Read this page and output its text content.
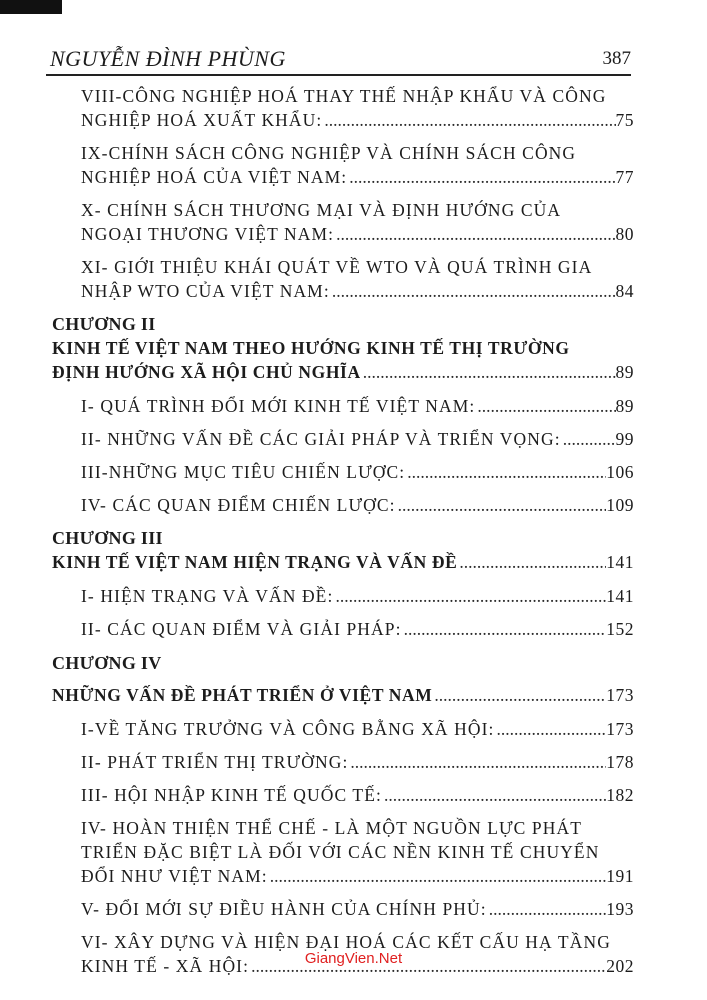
NGUYỄN ĐÌNH PHÙNG	387
VIII-CÔNG NGHIỆP HOÁ THAY THẾ NHẬP KHẨU VÀ CÔNG
NGHIỆP HOÁ XUẤT KHẨU: .....	75
IX-CHÍNH SÁCH CÔNG NGHIỆP VÀ CHÍNH SÁCH CÔNG
NGHIỆP HOÁ CỦA VIỆT NAM: .....	77
X- CHÍNH SÁCH THƯƠNG MẠI VÀ ĐỊNH HƯỚNG CỦA
NGOẠI THƯƠNG VIỆT NAM: .....	80
XI- GIỚI THIỆU KHÁI QUÁT VỀ WTO VÀ QUÁ TRÌNH GIA
NHẬP WTO CỦA VIỆT NAM: .....	84
CHƯƠNG II
KINH TẾ VIỆT NAM THEO HƯỚNG KINH TẾ THỊ TRƯỜNG
ĐỊNH HƯỚNG XÃ HỘI CHỦ NGHĨA .....	89
I- QUÁ TRÌNH ĐỔI MỚI KINH TẾ VIỆT NAM: .....	89
II- NHỮNG VẤN ĐỀ CÁC GIẢI PHÁP VÀ TRIỂN VỌNG: .....	99
III-NHỮNG MỤC TIÊU CHIẾN LƯỢC: .....	106
IV- CÁC QUAN ĐIỂM CHIẾN LƯỢC: .....	109
CHƯƠNG III
KINH TẾ VIỆT NAM HIỆN TRẠNG VÀ VẤN ĐỀ .....	141
I- HIỆN TRẠNG VÀ VẤN ĐỀ: .....	141
II- CÁC QUAN ĐIỂM VÀ GIẢI PHÁP: .....	152
CHƯƠNG IV
NHỮNG VẤN ĐỀ PHÁT TRIỂN Ở VIỆT NAM .....	173
I-VỀ TĂNG TRƯỞNG VÀ CÔNG BẰNG XÃ HỘI: .....	173
II- PHÁT TRIỂN THỊ TRƯỜNG: .....	178
III- HỘI NHẬP KINH TẾ QUỐC TẾ: .....	182
IV- HOÀN THIỆN THỂ CHẾ - LÀ MỘT NGUỒN LỰC PHÁT
TRIỂN ĐẶC BIỆT LÀ ĐỐI VỚI CÁC NỀN KINH TẾ CHUYỂN
ĐỔI NHƯ VIỆT NAM: .....	191
V- ĐỔI MỚI SỰ ĐIỀU HÀNH CỦA CHÍNH PHỦ: .....	193
VI- XÂY DỰNG VÀ HIỆN ĐẠI HOÁ CÁC KẾT CẤU HẠ TẦNG
KINH TẾ - XÃ HỘI: .....	202
GiangVien.Net
